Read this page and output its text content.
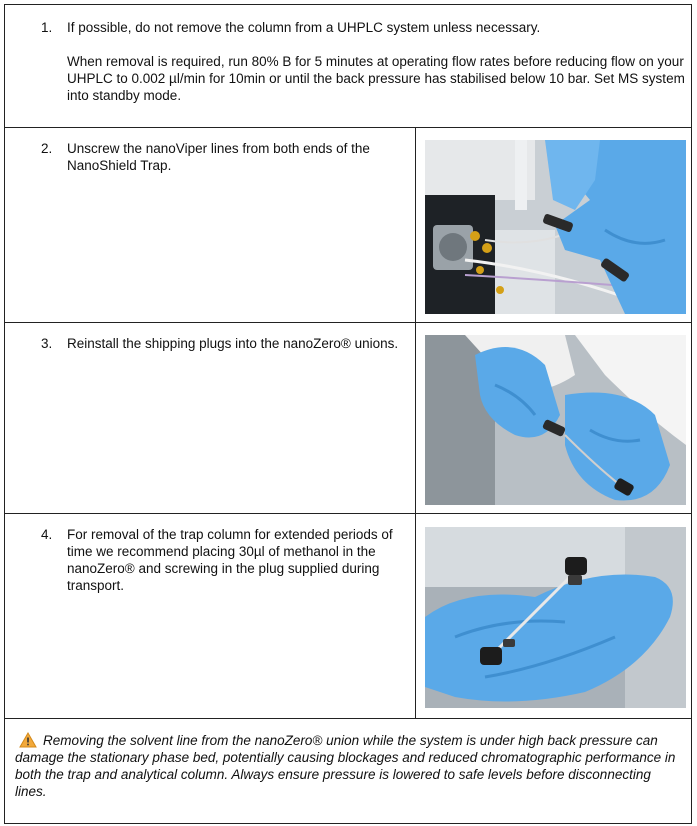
1.	If possible, do not remove the column from a UHPLC system unless necessary.
When removal is required, run 80% B for 5 minutes at operating flow rates before reducing flow on your UHPLC to 0.002 µl/min for 10min or until the back pressure has stabilised below 10 bar. Set MS system into standby mode.
2.	Unscrew the nanoViper lines from both ends of the NanoShield Trap.
3.	Reinstall the shipping plugs into the nanoZero® unions.
4.	For removal of the trap column for extended periods of time we recommend placing 30µl of methanol in the nanoZero® and screwing in the plug supplied during transport.
Removing the solvent line from the nanoZero® union while the system is under high back pressure can damage the stationary phase bed, potentially causing blockages and reduced chromatographic performance in both the trap and analytical column. Always ensure pressure is lowered to safe levels before disconnecting lines.
